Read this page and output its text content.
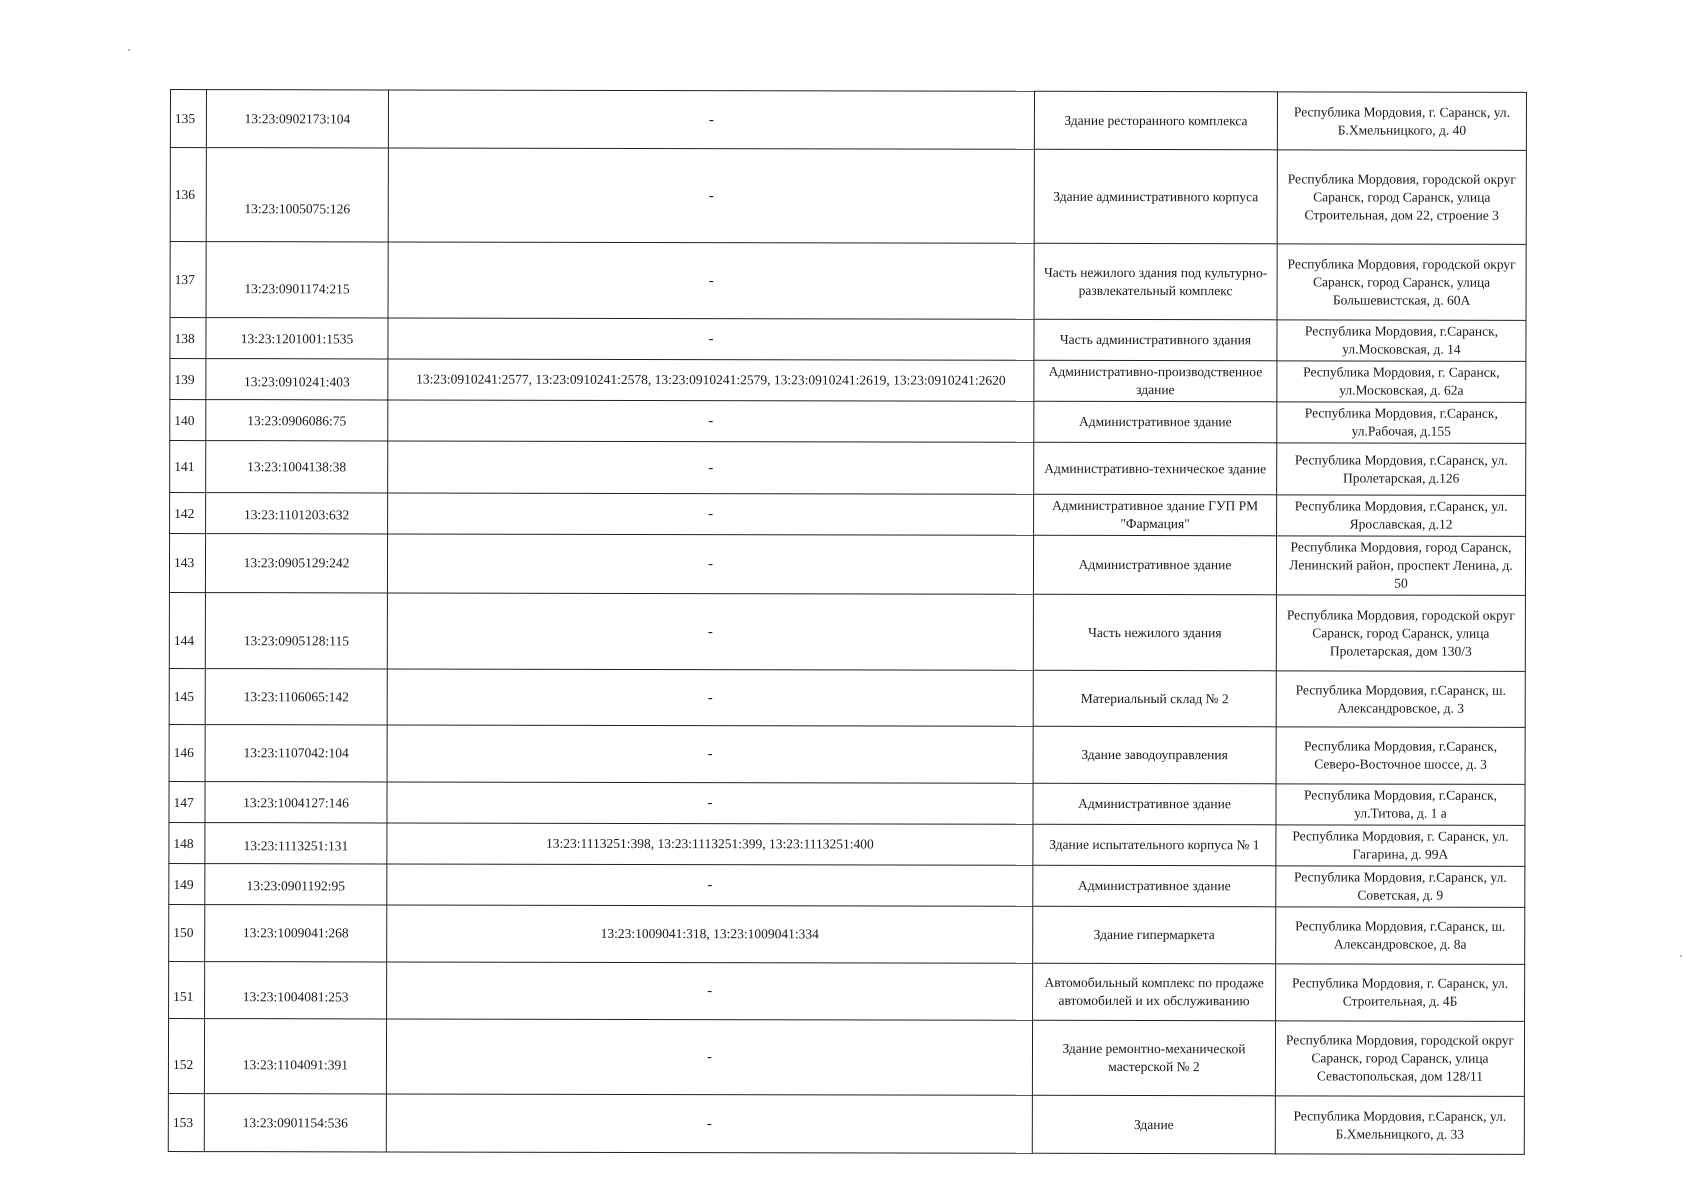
135	13:23:0902173:104	-	Здание ресторанного комплекса	Республика Мордовия, г. Саранск, ул. Б.Хмельницкого, д. 40
136	13:23:1005075:126	-	Здание административного корпуса	Республика Мордовия, городской округ Саранск, город Саранск, улица Строительная, дом 22, строение 3
137	13:23:0901174:215	-	Часть нежилого здания под культурно-развлекательный комплекс	Республика Мордовия, городской округ Саранск, город Саранск, улица Большевистская, д. 60А
138	13:23:1201001:1535	-	Часть административного здания	Республика Мордовия, г.Саранск, ул.Московская, д. 14
139	13:23:0910241:403	13:23:0910241:2577, 13:23:0910241:2578, 13:23:0910241:2579, 13:23:0910241:2619, 13:23:0910241:2620	Административно-производственное здание	Республика Мордовия, г. Саранск, ул.Московская, д. 62а
140	13:23:0906086:75	-	Административное здание	Республика Мордовия, г.Саранск, ул.Рабочая, д.155
141	13:23:1004138:38	-	Административно-техническое здание	Республика Мордовия, г.Саранск, ул. Пролетарская, д.126
142	13:23:1101203:632	-	Административное здание ГУП РМ "Фармация"	Республика Мордовия, г.Саранск, ул. Ярославская, д.12
143	13:23:0905129:242	-	Административное здание	Республика Мордовия, город Саранск, Ленинский район, проспект Ленина, д. 50
144	13:23:0905128:115	-	Часть нежилого здания	Республика Мордовия, городской округ Саранск, город Саранск, улица Пролетарская, дом 130/3
145	13:23:1106065:142	-	Материальный склад № 2	Республика Мордовия, г.Саранск, ш. Александровское, д. 3
146	13:23:1107042:104	-	Здание заводоуправления	Республика Мордовия, г.Саранск, Северо-Восточное шоссе, д. 3
147	13:23:1004127:146	-	Административное здание	Республика Мордовия, г.Саранск, ул.Титова, д. 1 а
148	13:23:1113251:131	13:23:1113251:398, 13:23:1113251:399, 13:23:1113251:400	Здание испытательного корпуса № 1	Республика Мордовия, г. Саранск, ул. Гагарина, д. 99А
149	13:23:0901192:95	-	Административное здание	Республика Мордовия, г.Саранск, ул. Советская, д. 9
150	13:23:1009041:268	13:23:1009041:318, 13:23:1009041:334	Здание гипермаркета	Республика Мордовия, г.Саранск, ш. Александровское, д. 8а
151	13:23:1004081:253	-	Автомобильный комплекс по продаже автомобилей и их обслуживанию	Республика Мордовия, г. Саранск, ул. Строительная, д. 4Б
152	13:23:1104091:391	-	Здание ремонтно-механической мастерской № 2	Республика Мордовия, городской округ Саранск, город Саранск, улица Севастопольская, дом 128/11
153	13:23:0901154:536	-	Здание	Республика Мордовия, г.Саранск, ул. Б.Хмельницкого, д. 33
